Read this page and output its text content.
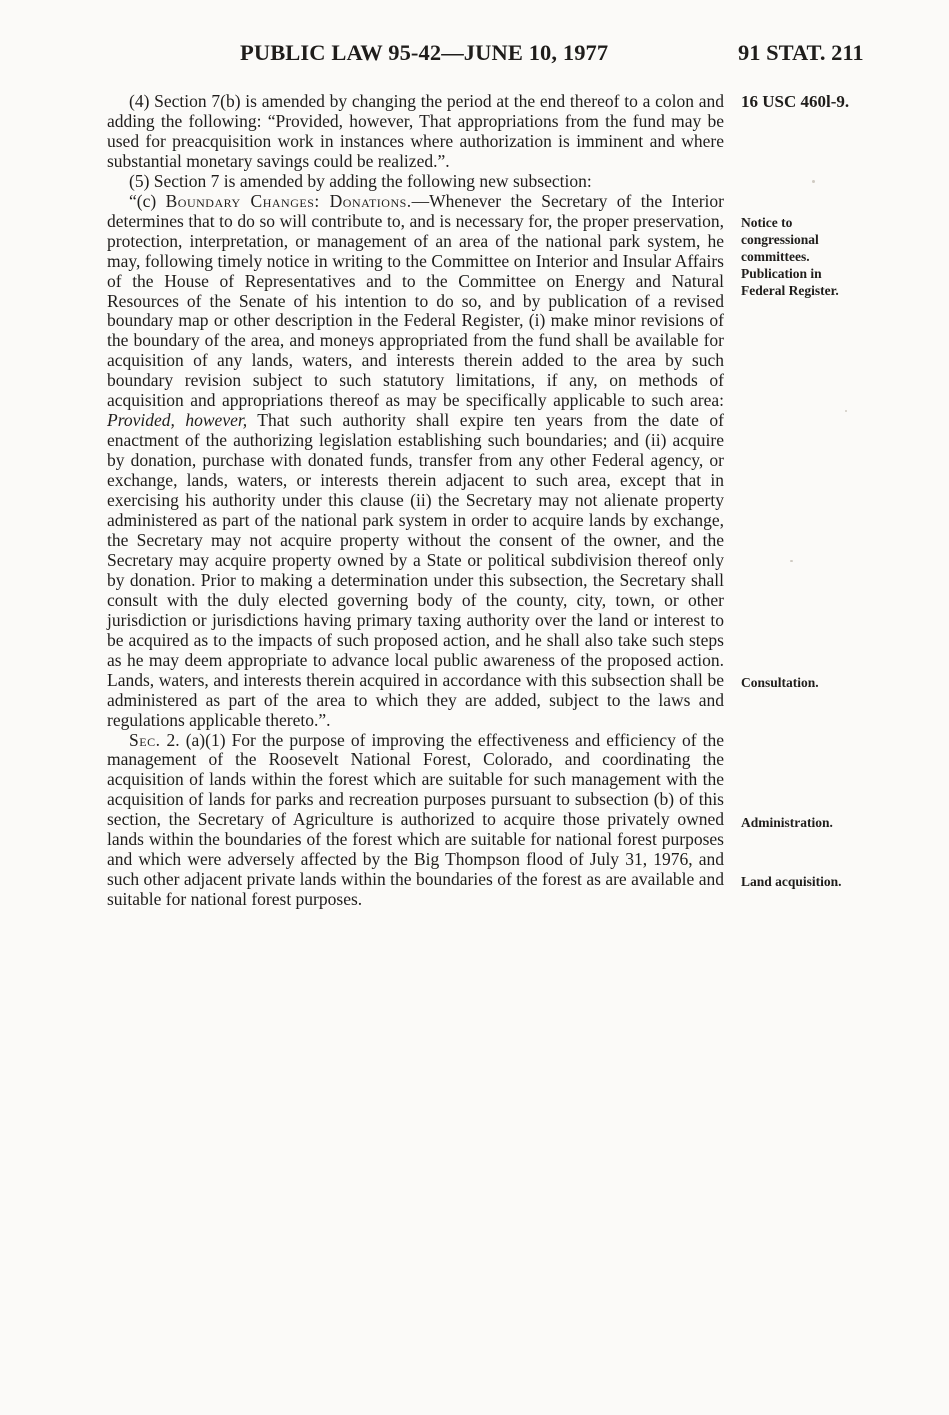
PUBLIC LAW 95-42—JUNE 10, 1977	91 STAT. 211
16 USC 460l-9.
Notice to
congressional
committees.
Publication in
Federal Register.
Consultation.
Administration.
Land acquisition.

(4) Section 7(b) is amended by changing the period at the end thereof to a colon and adding the following: “Provided, however, That appropriations from the fund may be used for preacquisition work in instances where authorization is imminent and where substantial monetary savings could be realized.”.

(5) Section 7 is amended by adding the following new subsection:

“(c) Boundary Changes: Donations.—Whenever the Secretary of the Interior determines that to do so will contribute to, and is necessary for, the proper preservation, protection, interpretation, or management of an area of the national park system, he may, following timely notice in writing to the Committee on Interior and Insular Affairs of the House of Representatives and to the Committee on Energy and Natural Resources of the Senate of his intention to do so, and by publication of a revised boundary map or other description in the Federal Register, (i) make minor revisions of the boundary of the area, and moneys appropriated from the fund shall be available for acquisition of any lands, waters, and interests therein added to the area by such boundary revision subject to such statutory limitations, if any, on methods of acquisition and appropriations thereof as may be specifically applicable to such area: Provided, however, That such authority shall expire ten years from the date of enactment of the authorizing legislation establishing such boundaries; and (ii) acquire by donation, purchase with donated funds, transfer from any other Federal agency, or exchange, lands, waters, or interests therein adjacent to such area, except that in exercising his authority under this clause (ii) the Secretary may not alienate property administered as part of the national park system in order to acquire lands by exchange, the Secretary may not acquire property without the consent of the owner, and the Secretary may acquire property owned by a State or political subdivision thereof only by donation. Prior to making a determination under this subsection, the Secretary shall consult with the duly elected governing body of the county, city, town, or other jurisdiction or jurisdictions having primary taxing authority over the land or interest to be acquired as to the impacts of such proposed action, and he shall also take such steps as he may deem appropriate to advance local public awareness of the proposed action. Lands, waters, and interests therein acquired in accordance with this subsection shall be administered as part of the area to which they are added, subject to the laws and regulations applicable thereto.”.

Sec. 2. (a)(1) For the purpose of improving the effectiveness and efficiency of the management of the Roosevelt National Forest, Colorado, and coordinating the acquisition of lands within the forest which are suitable for such management with the acquisition of lands for parks and recreation purposes pursuant to subsection (b) of this section, the Secretary of Agriculture is authorized to acquire those privately owned lands within the boundaries of the forest which are suitable for national forest purposes and which were adversely affected by the Big Thompson flood of July 31, 1976, and such other adjacent private lands within the boundaries of the forest as are available and suitable for national forest purposes.
